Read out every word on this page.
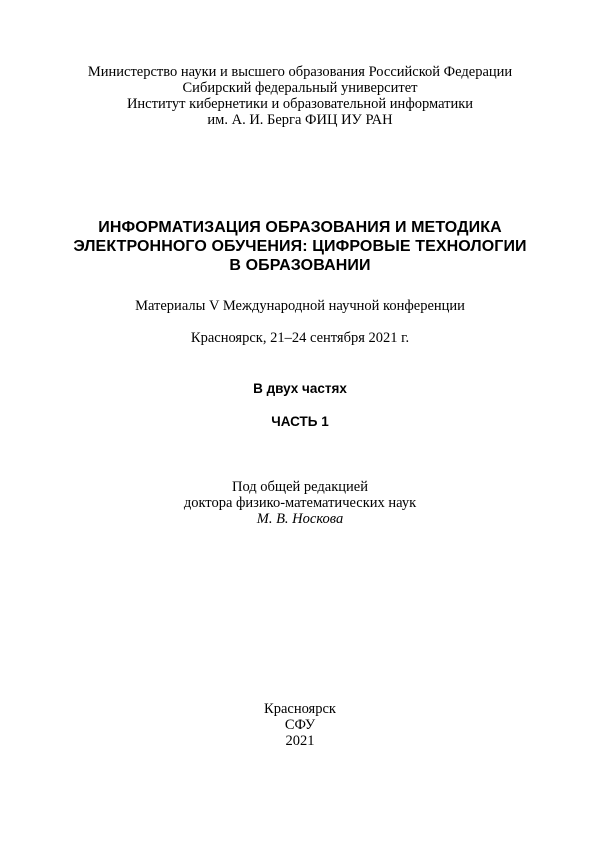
Министерство науки и высшего образования Российской Федерации
Сибирский федеральный университет
Институт кибернетики и образовательной информатики
им. А. И. Берга ФИЦ ИУ РАН
ИНФОРМАТИЗАЦИЯ ОБРАЗОВАНИЯ И МЕТОДИКА
ЭЛЕКТРОННОГО ОБУЧЕНИЯ: ЦИФРОВЫЕ ТЕХНОЛОГИИ
В ОБРАЗОВАНИИ
Материалы V Международной научной конференции
Красноярск, 21–24 сентября 2021 г.
В двух частях
ЧАСТЬ 1
Под общей редакцией
доктора физико-математических наук
М. В. Носкова
Красноярск
СФУ
2021
